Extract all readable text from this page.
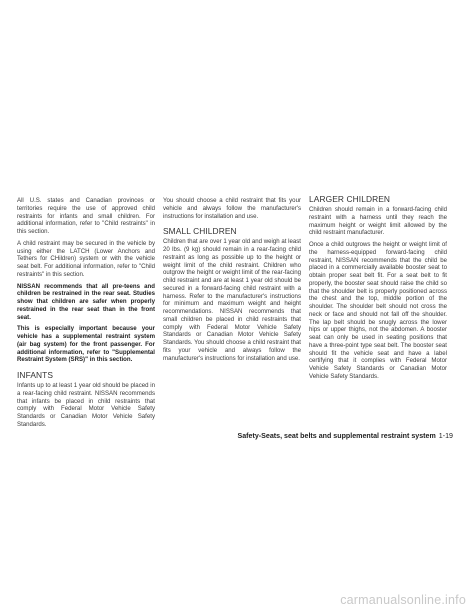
All U.S. states and Canadian provinces or territories require the use of approved child restraints for infants and small children. For additional information, refer to "Child restraints" in this section.

A child restraint may be secured in the vehicle by using either the LATCH (Lower Anchors and Tethers for CHildren) system or with the vehicle seat belt. For additional information, refer to "Child restraints" in this section.

NISSAN recommends that all pre-teens and children be restrained in the rear seat. Studies show that children are safer when properly restrained in the rear seat than in the front seat.

This is especially important because your vehicle has a supplemental restraint system (air bag system) for the front passenger. For additional information, refer to "Supplemental Restraint System (SRS)" in this section.

INFANTS

Infants up to at least 1 year old should be placed in a rear-facing child restraint. NISSAN recommends that infants be placed in child restraints that comply with Federal Motor Vehicle Safety Standards or Canadian Motor Vehicle Safety Standards.

You should choose a child restraint that fits your vehicle and always follow the manufacturer's instructions for installation and use.

SMALL CHILDREN

Children that are over 1 year old and weigh at least 20 lbs. (9 kg) should remain in a rear-facing child restraint as long as possible up to the height or weight limit of the child restraint. Children who outgrow the height or weight limit of the rear-facing child restraint and are at least 1 year old should be secured in a forward-facing child restraint with a harness. Refer to the manufacturer's instructions for minimum and maximum weight and height recommendations. NISSAN recommends that small children be placed in child restraints that comply with Federal Motor Vehicle Safety Standards or Canadian Motor Vehicle Safety Standards. You should choose a child restraint that fits your vehicle and always follow the manufacturer's instructions for installation and use.

LARGER CHILDREN

Children should remain in a forward-facing child restraint with a harness until they reach the maximum height or weight limit allowed by the child restraint manufacturer.

Once a child outgrows the height or weight limit of the harness-equipped forward-facing child restraint, NISSAN recommends that the child be placed in a commercially available booster seat to obtain proper seat belt fit. For a seat belt to fit properly, the booster seat should raise the child so that the shoulder belt is properly positioned across the chest and the top, middle portion of the shoulder. The shoulder belt should not cross the neck or face and should not fall off the shoulder. The lap belt should be snugly across the lower hips or upper thighs, not the abdomen. A booster seat can only be used in seating positions that have a three-point type seat belt. The booster seat should fit the vehicle seat and have a label certifying that it complies with Federal Motor Vehicle Safety Standards or Canadian Motor Vehicle Safety Standards.

Safety-Seats, seat belts and supplemental restraint system 1-19
carmanualsonline.info
